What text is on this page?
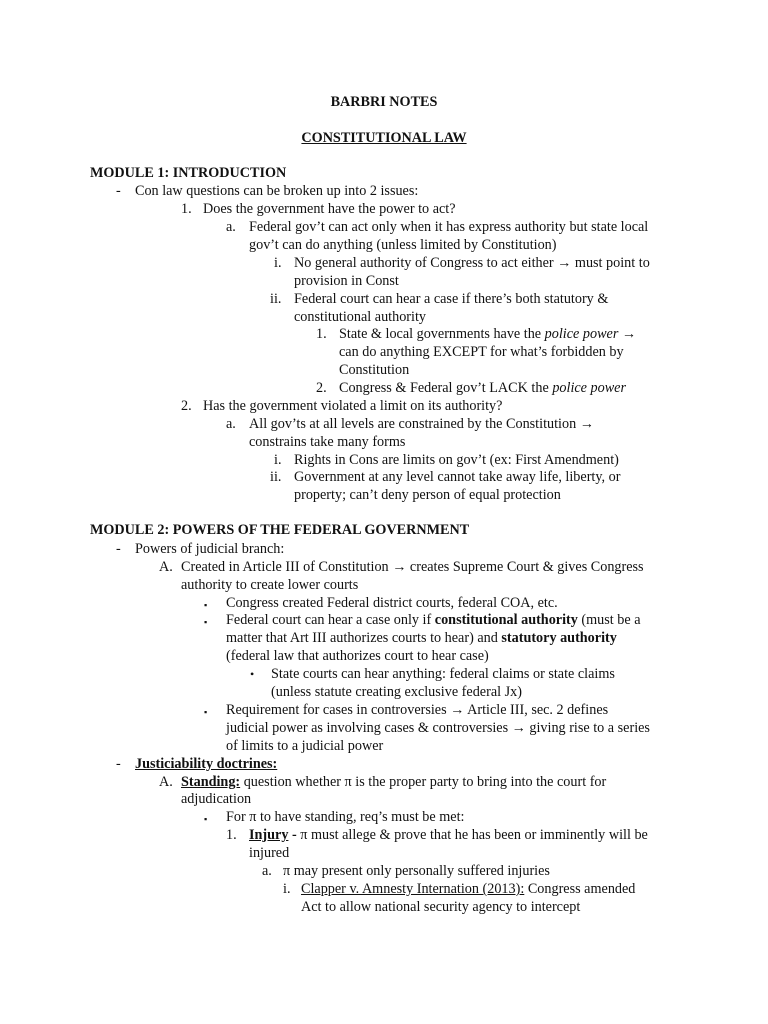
BARBRI NOTES
CONSTITUTIONAL LAW
MODULE 1: INTRODUCTION
- Con law questions can be broken up into 2 issues:
1. Does the government have the power to act?
a. Federal gov’t can act only when it has express authority but state local
gov’t can do anything (unless limited by Constitution)
i. No general authority of Congress to act either → must point to
provision in Const
ii. Federal court can hear a case if there’s both statutory &
constitutional authority
1. State & local governments have the police power →
can do anything EXCEPT for what’s forbidden by
Constitution
2. Congress & Federal gov’t LACK the police power
2. Has the government violated a limit on its authority?
a. All gov’ts at all levels are constrained by the Constitution →
constrains take many forms
i. Rights in Cons are limits on gov’t (ex: First Amendment)
ii. Government at any level cannot take away life, liberty, or
property; can’t deny person of equal protection
MODULE 2: POWERS OF THE FEDERAL GOVERNMENT
- Powers of judicial branch:
A. Created in Article III of Constitution → creates Supreme Court & gives Congress
authority to create lower courts
▪ Congress created Federal district courts, federal COA, etc.
▪ Federal court can hear a case only if constitutional authority (must be a
matter that Art III authorizes courts to hear) and statutory authority
(federal law that authorizes court to hear case)
• State courts can hear anything: federal claims or state claims
(unless statute creating exclusive federal Jx)
▪ Requirement for cases in controversies → Article III, sec. 2 defines
judicial power as involving cases & controversies → giving rise to a series
of limits to a judicial power
- Justiciability doctrines:
A. Standing: question whether π is the proper party to bring into the court for
adjudication
▪ For π to have standing, req’s must be met:
1. Injury - π must allege & prove that he has been or imminently will be
injured
a. π may present only personally suffered injuries
i. Clapper v. Amnesty Internation (2013): Congress amended
Act to allow national security agency to intercept
